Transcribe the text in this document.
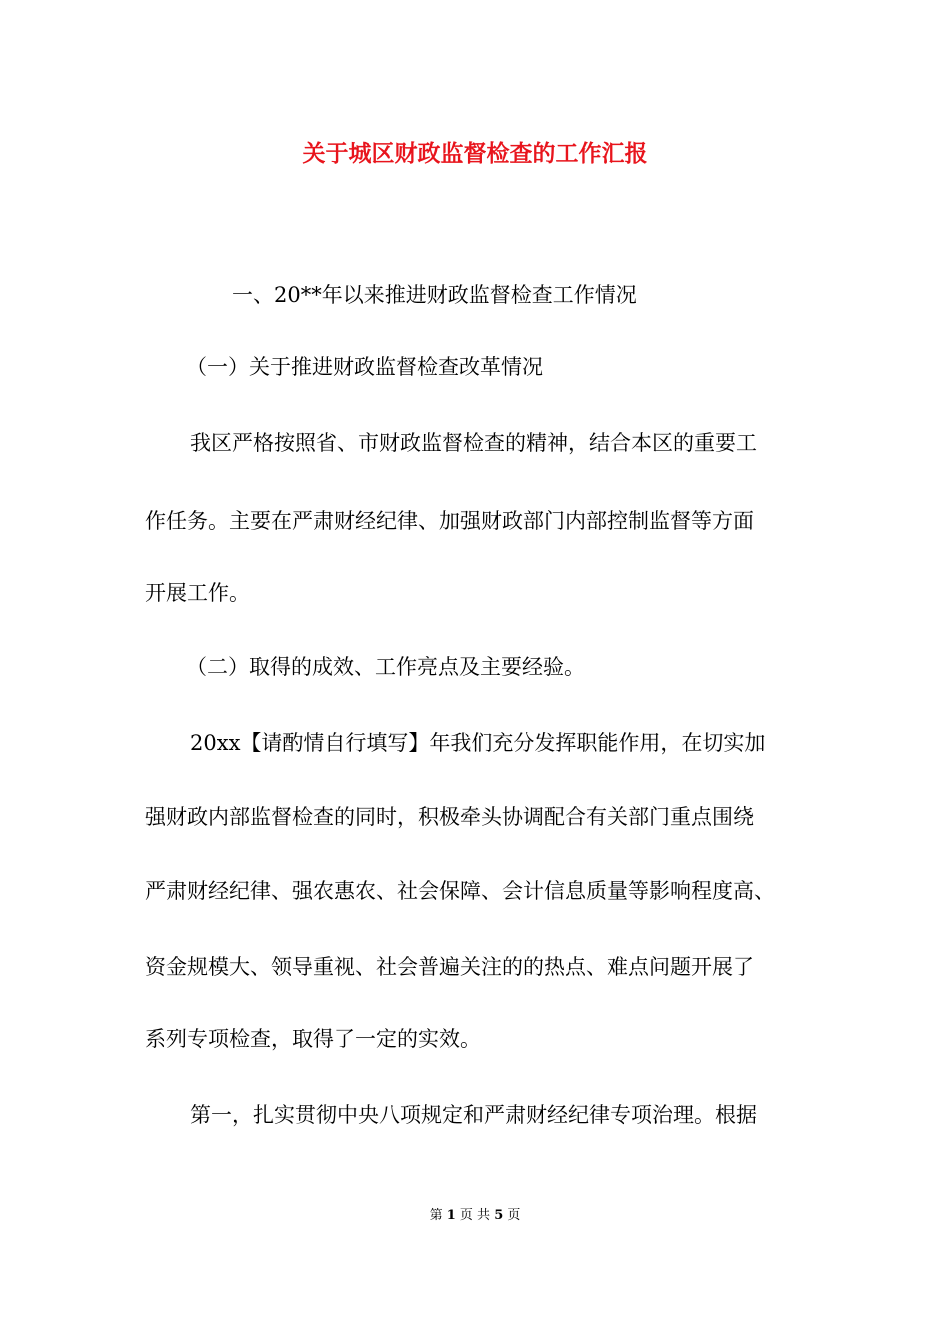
关于城区财政监督检查的工作汇报
一、20**年以来推进财政监督检查工作情况
（一）关于推进财政监督检查改革情况
我区严格按照省、市财政监督检查的精神，结合本区的重要工
作任务。主要在严肃财经纪律、加强财政部门内部控制监督等方面
开展工作。
（二）取得的成效、工作亮点及主要经验。
20xx【请酌情自行填写】年我们充分发挥职能作用，在切实加
强财政内部监督检查的同时，积极牵头协调配合有关部门重点围绕
严肃财经纪律、强农惠农、社会保障、会计信息质量等影响程度高、
资金规模大、领导重视、社会普遍关注的的热点、难点问题开展了
系列专项检查，取得了一定的实效。
第一，扎实贯彻中央八项规定和严肃财经纪律专项治理。根据
第 1 页 共 5 页
